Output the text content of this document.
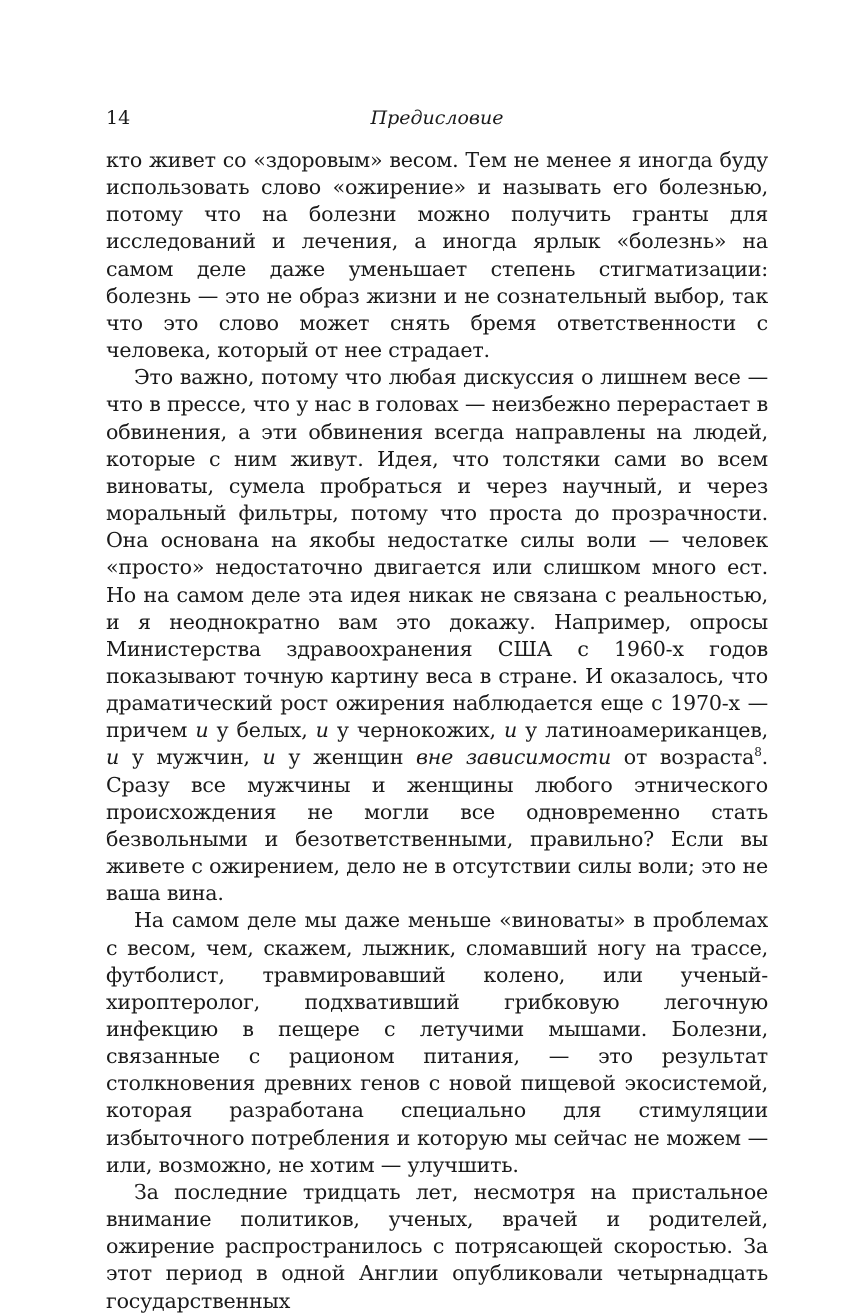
14	Предисловие

кто живет со «здоровым» весом. Тем не менее я иногда буду использовать слово «ожирение» и называть его болезнью, потому что на болезни можно получить гранты для исследований и лечения, а иногда ярлык «болезнь» на самом деле даже уменьшает степень стигматизации: болезнь — это не образ жизни и не сознательный выбор, так что это слово может снять бремя ответственности с человека, который от нее страдает.

Это важно, потому что любая дискуссия о лишнем весе — что в прессе, что у нас в головах — неизбежно перерастает в обвинения, а эти обвинения всегда направлены на людей, которые с ним живут. Идея, что толстяки сами во всем виноваты, сумела пробраться и через научный, и через моральный фильтры, потому что проста до прозрачности. Она основана на якобы недостатке силы воли — человек «просто» недостаточно двигается или слишком много ест. Но на самом деле эта идея никак не связана с реальностью, и я неоднократно вам это докажу. Например, опросы Министерства здравоохранения США с 1960-х годов показывают точную картину веса в стране. И оказалось, что драматический рост ожирения наблюдается еще с 1970-х — причем и у белых, и у чернокожих, и у латиноамериканцев, и у мужчин, и у женщин вне зависимости от возраста$^8$. Сразу все мужчины и женщины любого этнического происхождения не могли все одновременно стать безвольными и безответственными, правильно? Если вы живете с ожирением, дело не в отсутствии силы воли; это не ваша вина.

На самом деле мы даже меньше «виноваты» в проблемах с весом, чем, скажем, лыжник, сломавший ногу на трассе, футболист, травмировавший колено, или ученый-хироптеролог, подхвативший грибковую легочную инфекцию в пещере с летучими мышами. Болезни, связанные с рационом питания, — это результат столкновения древних генов с новой пищевой экосистемой, которая разработана специально для стимуляции избыточного потребления и которую мы сейчас не можем — или, возможно, не хотим — улучшить.

За последние тридцать лет, несмотря на пристальное внимание политиков, ученых, врачей и родителей, ожирение распространилось с потрясающей скоростью. За этот период в одной Англии опубликовали четырнадцать государственных
